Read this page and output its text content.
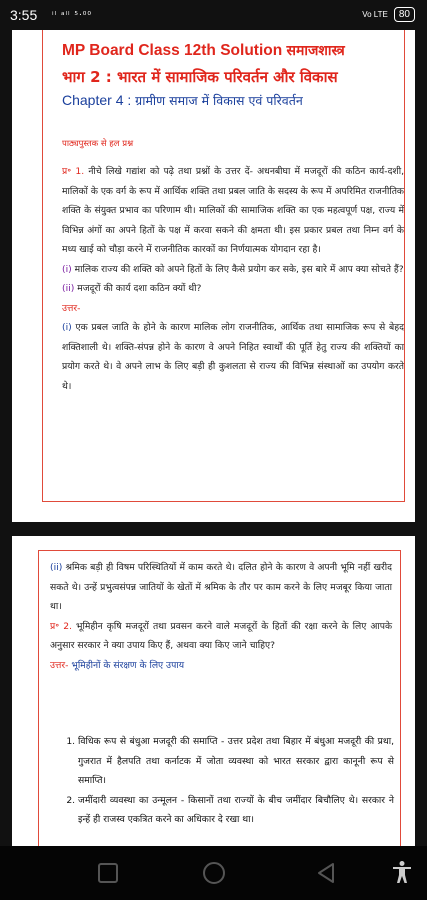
3:55 ᵢₗ ₐₗₗ ₅.₀₀	Vo LTE	80
MP Board Class 12th Solution समाजशास्त्र
भाग 2 : भारत में सामाजिक परिवर्तन और विकास
Chapter 4 : ग्रामीण समाज में विकास एवं परिवर्तन
पाठ्यपुस्तक से हल प्रश्न
प्र॰ 1. नीचे लिखे गद्यांश को पढ़े तथा प्रश्नों के उत्तर दें- अधनबीघा में मजदूरों की कठिन कार्य-दशी, मालिकों के एक वर्ग के रूप में आर्थिक शक्ति तथा प्रबल जाति के सदस्य के रूप में अपरिमित राजनीतिक शक्ति के संयुक्त प्रभाव का परिणाम थी। मालिकों की सामाजिक शक्ति का एक महत्वपूर्ण पक्ष, राज्य में विभिन्न अंगों का अपने हितों के पक्ष में करवा सकने की क्षमता थी। इस प्रकार प्रबल तथा निम्न वर्ग के मध्य खाई को चौड़ा करने में राजनीतिक कारकों का निर्णयात्मक योगदान रहा है।
(i) मालिक राज्य की शक्ति को अपने हितों के लिए कैसे प्रयोग कर सके, इस बारे में आप क्या सोचते हैं?
(ii) मजदूरों की कार्य दशा कठिन क्यों थी?
उत्तर-
(i) एक प्रबल जाति के होने के कारण मालिक लोग राजनीतिक, आर्थिक तथा सामाजिक रूप से बेहद शक्तिशाली थे। शक्ति-संपन्न होने के कारण वे अपने निहित स्वार्थों की पूर्ति हेतु राज्य की शक्तियों का प्रयोग करते थे। वे अपने लाभ के लिए बड़ी ही कुशलता से राज्य की विभिन्न संस्थाओं का उपयोग करते थे।
(ii) श्रमिक बड़ी ही विषम परिस्थितियों में काम करते थे। दलित होने के कारण वे अपनी भूमि नहीं खरीद सकते थे। उन्हें प्रभुत्वसंपन्न जातियों के खेतों में श्रमिक के तौर पर काम करने के लिए मजबूर किया जाता था।
प्र॰ 2. भूमिहीन कृषि मजदूरों तथा प्रवसन करने वाले मजदूरों के हितों की रक्षा करने के लिए आपके अनुसार सरकार ने क्या उपाय किए हैं, अथवा क्या किए जाने चाहिए?
उत्तर- भूमिहीनों के संरक्षण के लिए उपाय
1. विधिक रूप से बंधुआ मजदूरी की समाप्ति - उत्तर प्रदेश तथा बिहार में बंधुआ मजदूरी की प्रथा, गुजरात में हैलपति तथा कर्नाटक में जोता व्यवस्था को भारत सरकार द्वारा कानूनी रूप से समाप्ति।
2. जमींदारी व्यवस्था का उन्मूलन - किसानों तथा राज्यों के बीच जमींदार बिचौलिए थे। सरकार ने इन्हें ही राजस्व एकत्रित करने का अधिकार दे रखा था।
